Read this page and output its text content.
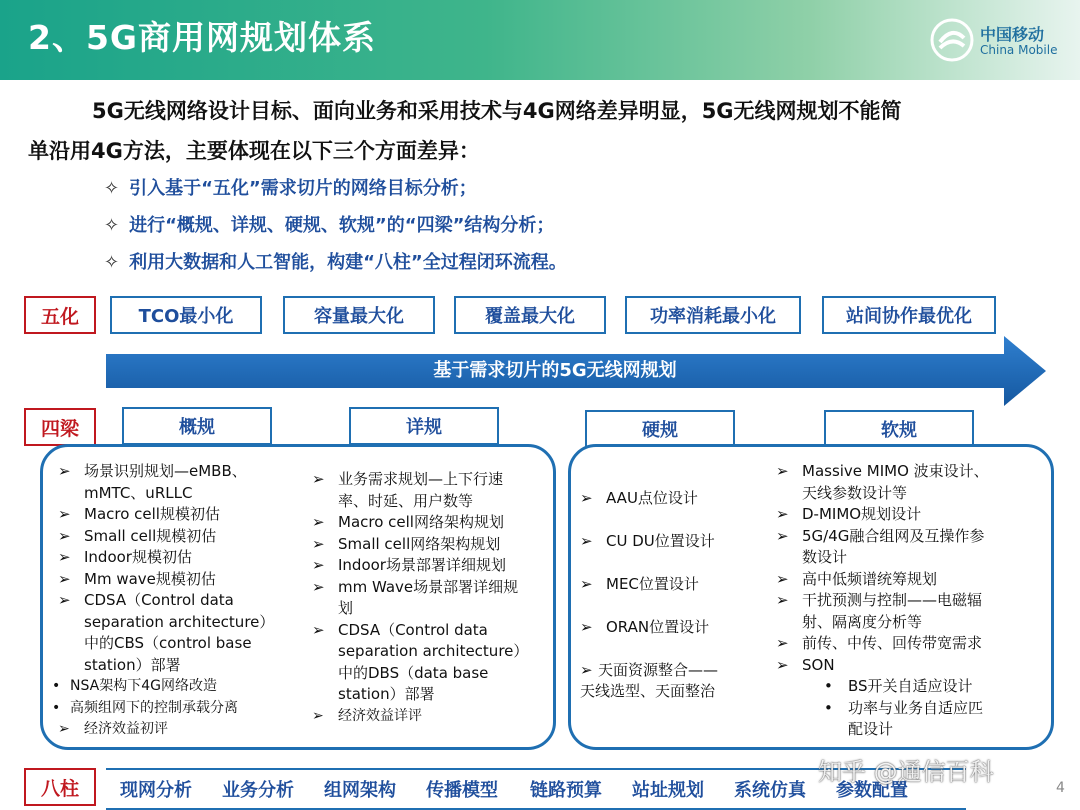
2、5G商用网规划体系	中国移动
China Mobile
5G无线网络设计目标、面向业务和采用技术与4G网络差异明显，5G无线网规划不能简
单沿用4G方法，主要体现在以下三个方面差异：
✧ 引入基于“五化”需求切片的网络目标分析；
✧ 进行“概规、详规、硬规、软规”的“四梁”结构分析；
✧ 利用大数据和人工智能，构建“八柱”全过程闭环流程。
五化	TCO最小化	容量最大化	覆盖最大化	功率消耗最小化	站间协作最优化
基于需求切片的5G无线网规划
四梁	概规	详规	硬规	软规
➢ 场景识别规划—eMBB、
mMTC、uRLLC
➢ Macro cell规模初估
➢ Small cell规模初估
➢ Indoor规模初估
➢ Mm wave规模初估
➢ CDSA（Control data
separation architecture）
中的CBS（control base
station）部署
• NSA架构下4G网络改造
• 高频组网下的控制承载分离
➢ 经济效益初评
➢ 业务需求规划—上下行速
率、时延、用户数等
➢ Macro cell网络架构规划
➢ Small cell网络架构规划
➢ Indoor场景部署详细规划
➢ mm Wave场景部署详细规
划
➢ CDSA（Control data
separation architecture）
中的DBS（data base
station）部署
➢ 经济效益详评
➢ AAU点位设计
➢ CU DU位置设计
➢ MEC位置设计
➢ ORAN位置设计
➢ 天面资源整合——
天线选型、天面整治
➢ Massive MIMO 波束设计、
天线参数设计等
➢ D-MIMO规划设计
➢ 5G/4G融合组网及互操作参
数设计
➢ 高中低频谱统筹规划
➢ 干扰预测与控制——电磁辐
射、隔离度分析等
➢ 前传、中传、回传带宽需求
➢ SON
• BS开关自适应设计
• 功率与业务自适应匹
配设计
八柱	现网分析 业务分析 组网架构 传播模型 链路预算 站址规划 系统仿真 参数配置
知乎 @通信百科
4
